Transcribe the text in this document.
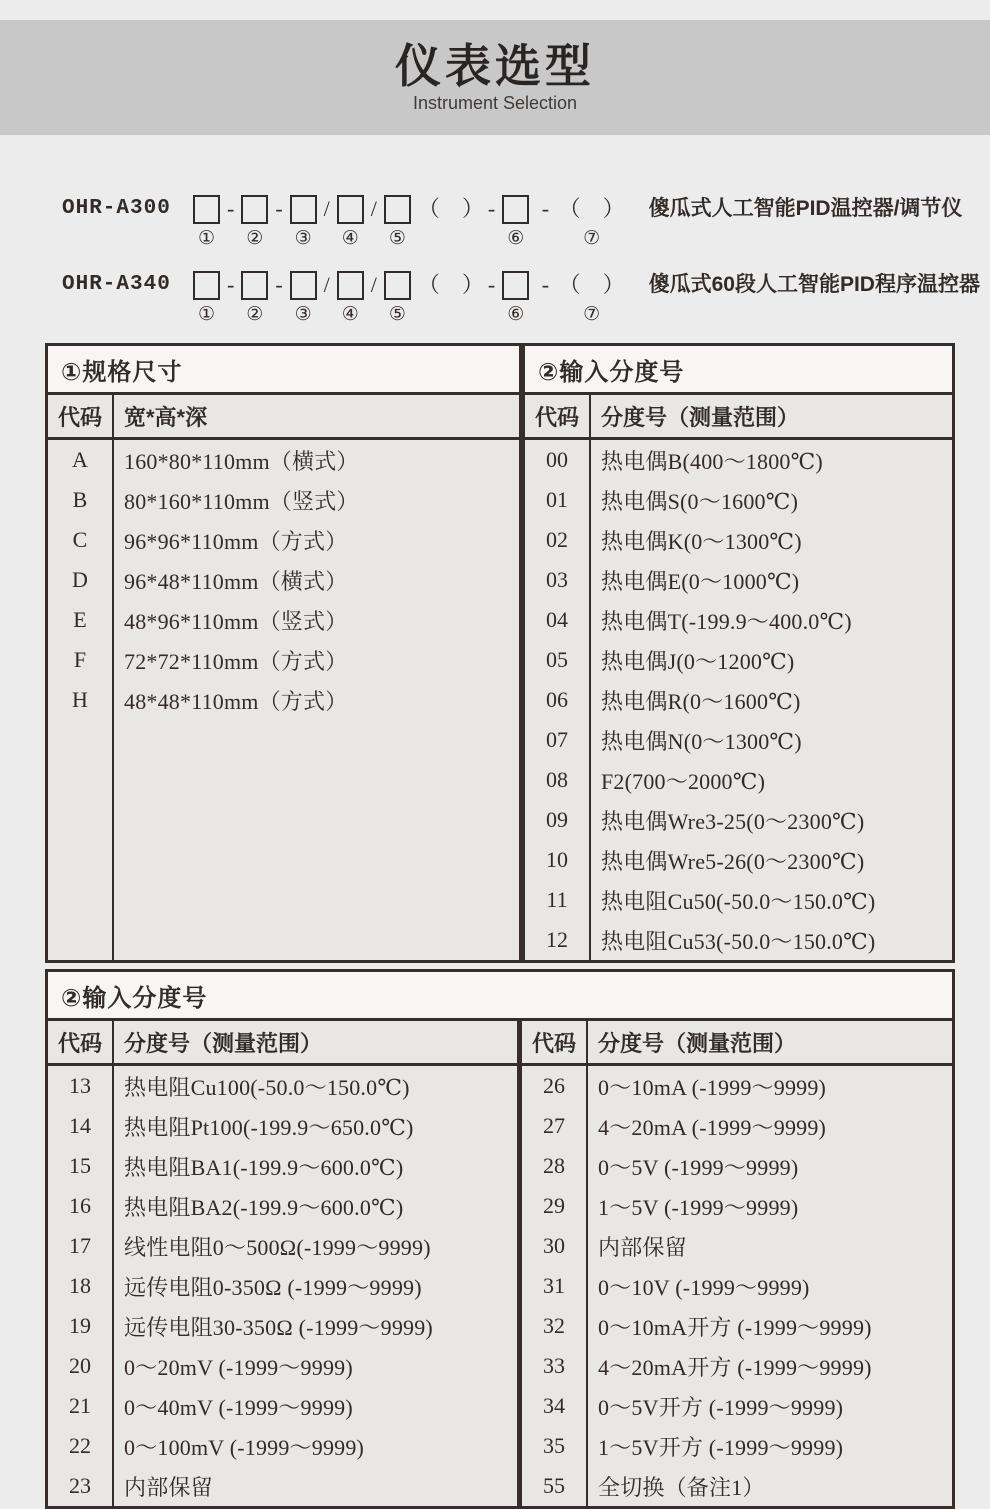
仪表选型
Instrument Selection
OHR-A300
①
-
②
-
③
/
④
/
⑤
（　） -
⑥
- （　）
⑦
傻瓜式人工智能PID温控器/调节仪
OHR-A340
①
-
②
-
③
/
④
/
⑤
（　） -
⑥
- （　）
⑦
傻瓜式60段人工智能PID程序温控器
①规格尺寸
代码	宽*高*深
A	160*80*110mm（横式）
B	80*160*110mm（竖式）
C	96*96*110mm（方式）
D	96*48*110mm（横式）
E	48*96*110mm（竖式）
F	72*72*110mm（方式）
H	48*48*110mm（方式）
②输入分度号
代码	分度号（测量范围）
00	热电偶B(400～1800℃)
01	热电偶S(0～1600℃)
02	热电偶K(0～1300℃)
03	热电偶E(0～1000℃)
04	热电偶T(-199.9～400.0℃)
05	热电偶J(0～1200℃)
06	热电偶R(0～1600℃)
07	热电偶N(0～1300℃)
08	F2(700～2000℃)
09	热电偶Wre3-25(0～2300℃)
10	热电偶Wre5-26(0～2300℃)
11	热电阻Cu50(-50.0～150.0℃)
12	热电阻Cu53(-50.0～150.0℃)
②输入分度号
代码	分度号（测量范围）
13	热电阻Cu100(-50.0～150.0℃)
14	热电阻Pt100(-199.9～650.0℃)
15	热电阻BA1(-199.9～600.0℃)
16	热电阻BA2(-199.9～600.0℃)
17	线性电阻0～500Ω(-1999～9999)
18	远传电阻0-350Ω (-1999～9999)
19	远传电阻30-350Ω (-1999～9999)
20	0～20mV (-1999～9999)
21	0～40mV (-1999～9999)
22	0～100mV (-1999～9999)
23	内部保留
代码	分度号（测量范围）
26	0～10mA (-1999～9999)
27	4～20mA (-1999～9999)
28	0～5V (-1999～9999)
29	1～5V (-1999～9999)
30	内部保留
31	0～10V (-1999～9999)
32	0～10mA开方 (-1999～9999)
33	4～20mA开方 (-1999～9999)
34	0～5V开方 (-1999～9999)
35	1～5V开方 (-1999～9999)
55	全切换（备注1）
